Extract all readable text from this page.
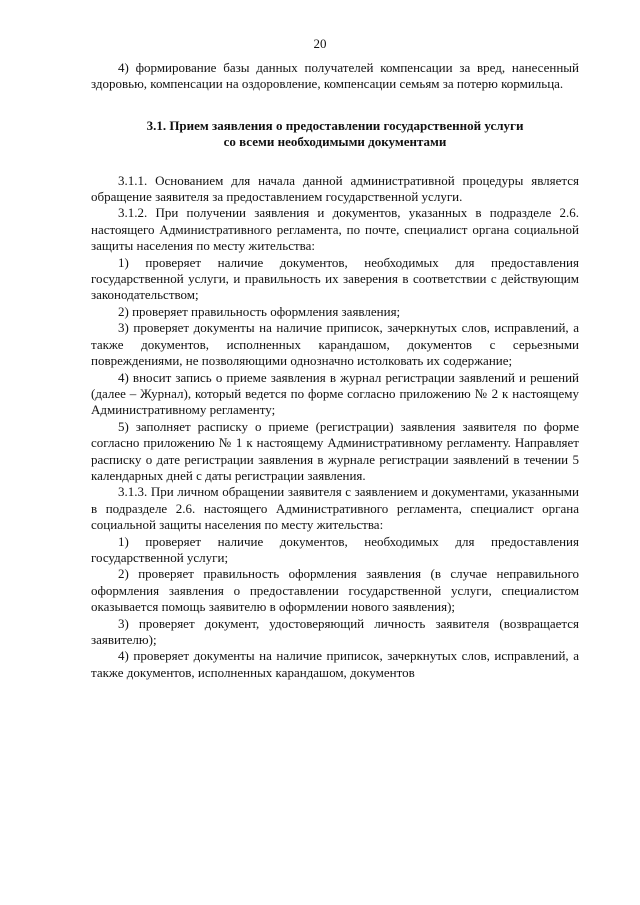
20

4) формирование базы данных получателей компенсации за вред, нанесенный здоровью, компенсации на оздоровление, компенсации семьям за потерю кормильца.

3.1. Прием заявления о предоставлении государственной услуги
со всеми необходимыми документами

3.1.1. Основанием для начала данной административной процедуры является обращение заявителя за предоставлением государственной услуги.

3.1.2. При получении заявления и документов, указанных в подразделе 2.6. настоящего Административного регламента, по почте, специалист органа социальной защиты населения по месту жительства:

1) проверяет наличие документов, необходимых для предоставления государственной услуги, и правильность их заверения в соответствии с действующим законодательством;

2) проверяет правильность оформления заявления;

3) проверяет документы на наличие приписок, зачеркнутых слов, исправлений, а также документов, исполненных карандашом, документов с серьезными повреждениями, не позволяющими однозначно истолковать их содержание;

4) вносит запись о приеме заявления в журнал регистрации заявлений и решений (далее – Журнал), который ведется по форме согласно приложению № 2 к настоящему Административному регламенту;

5) заполняет расписку о приеме (регистрации) заявления заявителя по форме согласно приложению № 1 к настоящему Административному регламенту. Направляет расписку о дате регистрации заявления в журнале регистрации заявлений в течении 5 календарных дней с даты регистрации заявления.

3.1.3. При личном обращении заявителя с заявлением и документами, указанными в подразделе 2.6. настоящего Административного регламента, специалист органа социальной защиты населения по месту жительства:

1) проверяет наличие документов, необходимых для предоставления государственной услуги;

2) проверяет правильность оформления заявления (в случае неправильного оформления заявления о предоставлении государственной услуги, специалистом оказывается помощь заявителю в оформлении нового заявления);

3) проверяет документ, удостоверяющий личность заявителя (возвращается заявителю);

4) проверяет документы на наличие приписок, зачеркнутых слов, исправлений, а также документов, исполненных карандашом, документов
